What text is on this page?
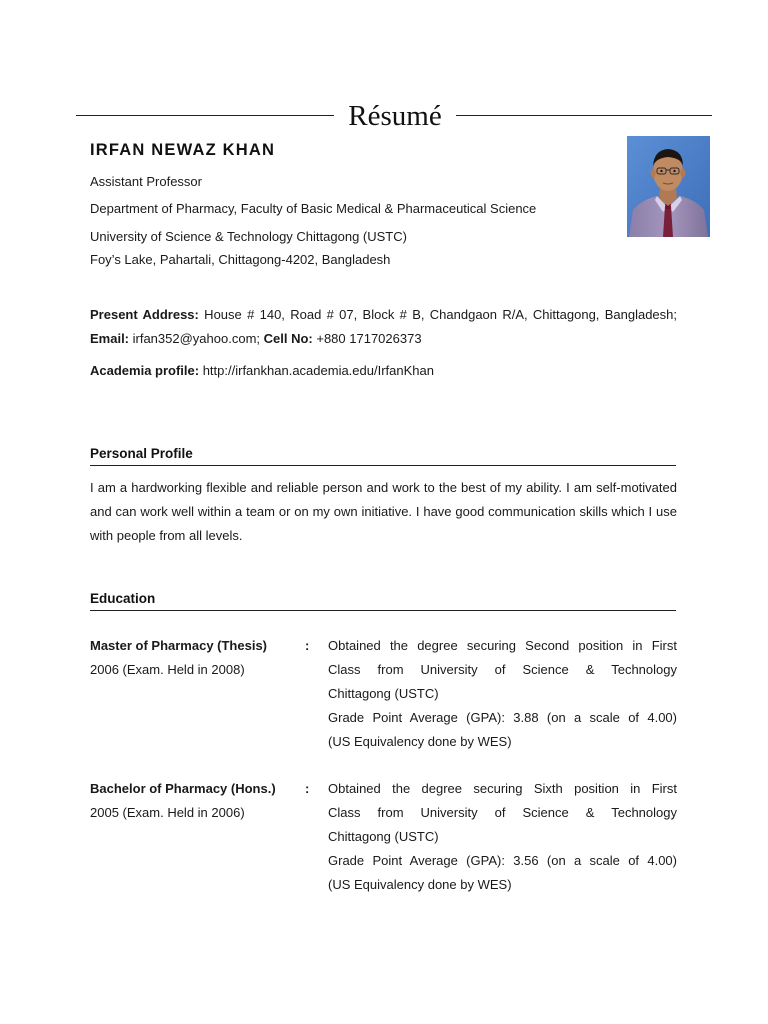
Résumé
IRFAN NEWAZ KHAN
Assistant Professor
Department of Pharmacy, Faculty of Basic Medical & Pharmaceutical Science
University of Science & Technology Chittagong (USTC)
Foy’s Lake, Pahartali, Chittagong-4202, Bangladesh
Present Address: House # 140, Road # 07, Block # B, Chandgaon R/A, Chittagong, Bangladesh; Email: irfan352@yahoo.com; Cell No: +880 1717026373
Academia profile: http://irfankhan.academia.edu/IrfanKhan
Personal Profile
I am a hardworking flexible and reliable person and work to the best of my ability. I am self-motivated and can work well within a team or on my own initiative. I have good communication skills which I use with people from all levels.
Education
Master of Pharmacy (Thesis)
2006 (Exam. Held in 2008)
: Obtained the degree securing Second position in First
Class from University of Science & Technology
Chittagong (USTC)
Grade Point Average (GPA): 3.88 (on a scale of 4.00)
(US Equivalency done by WES)
Bachelor of Pharmacy (Hons.)
2005 (Exam. Held in 2006)
: Obtained the degree securing Sixth position in First
Class from University of Science & Technology
Chittagong (USTC)
Grade Point Average (GPA): 3.56 (on a scale of 4.00)
(US Equivalency done by WES)
